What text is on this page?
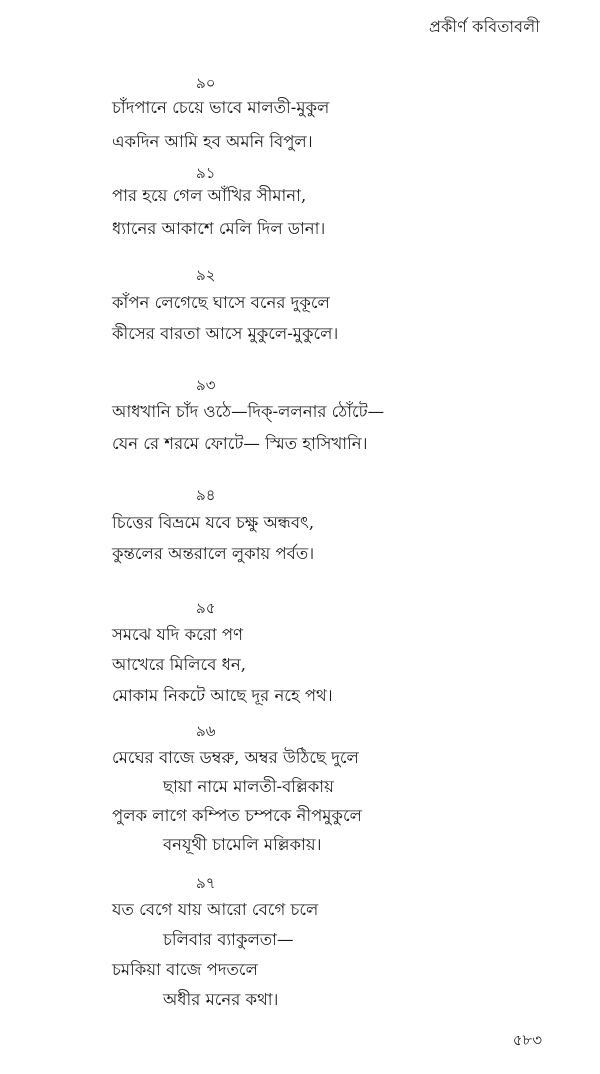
প্রকীর্ণ কবিতাবলী
৯০
চাঁদপানে চেয়ে ভাবে মালতী-মুকুল
একদিন আমি হব অমনি বিপুল।
৯১
পার হয়ে গেল আঁখির সীমানা,
ধ্যানের আকাশে মেলি দিল ডানা।
৯২
কাঁপন লেগেছে ঘাসে বনের দুকূলে
কীসের বারতা আসে মুকুলে-মুকুলে।
৯৩
আধখানি চাঁদ ওঠে—দিক্-ললনার ঠোঁটে—
যেন রে শরমে ফোটে— স্মিত হাসিখানি।
৯৪
চিত্তের বিভ্রমে যবে চক্ষু অন্ধবৎ,
কুন্তলের অন্তরালে লুকায় পর্বত।
৯৫
সমঝে যদি করো পণ
আখেরে মিলিবে ধন,
মোকাম নিকটে আছে দূর নহে পথ।
৯৬
মেঘের বাজে ডম্বরু, অম্বর উঠিছে দুলে
ছায়া নামে মালতী-বল্লিকায়
পুলক লাগে কম্পিত চম্পকে নীপমুকুলে
বনযূথী চামেলি মল্লিকায়।
৯৭
যত বেগে যায় আরো বেগে চলে
চলিবার ব্যাকুলতা—
চমকিয়া বাজে পদতলে
অধীর মনের কথা।
৫৮৩
